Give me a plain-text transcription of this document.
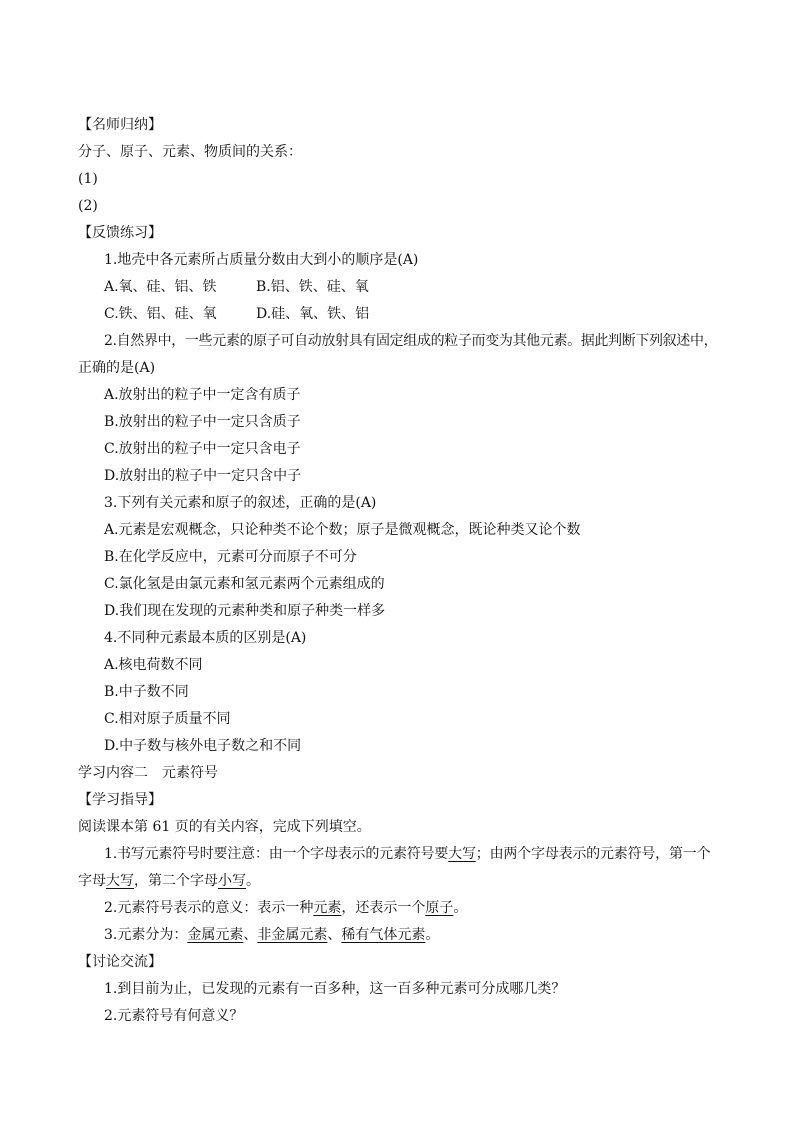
【名师归纳】
分子、原子、元素、物质间的关系：
(1)
(2)
【反馈练习】
1.地壳中各元素所占质量分数由大到小的顺序是(A)
A.氧、硅、铝、铁	B.铝、铁、硅、氧
C.铁、铝、硅、氧	D.硅、氧、铁、铝
2.自然界中，一些元素的原子可自动放射具有固定组成的粒子而变为其他元素。据此判断下列叙述中，
正确的是(A)
A.放射出的粒子中一定含有质子
B.放射出的粒子中一定只含质子
C.放射出的粒子中一定只含电子
D.放射出的粒子中一定只含中子
3.下列有关元素和原子的叙述，正确的是(A)
A.元素是宏观概念，只论种类不论个数；原子是微观概念，既论种类又论个数
B.在化学反应中，元素可分而原子不可分
C.氯化氢是由氯元素和氢元素两个元素组成的
D.我们现在发现的元素种类和原子种类一样多
4.不同种元素最本质的区别是(A)
A.核电荷数不同
B.中子数不同
C.相对原子质量不同
D.中子数与核外电子数之和不同
学习内容二 元素符号
【学习指导】
阅读课本第 61 页的有关内容，完成下列填空。
1.书写元素符号时要注意：由一个字母表示的元素符号要大写；由两个字母表示的元素符号，第一个
字母大写，第二个字母小写。
2.元素符号表示的意义：表示一种元素，还表示一个原子。
3.元素分为：金属元素、非金属元素、稀有气体元素。
【讨论交流】
1.到目前为止，已发现的元素有一百多种，这一百多种元素可分成哪几类？
2.元素符号有何意义？
